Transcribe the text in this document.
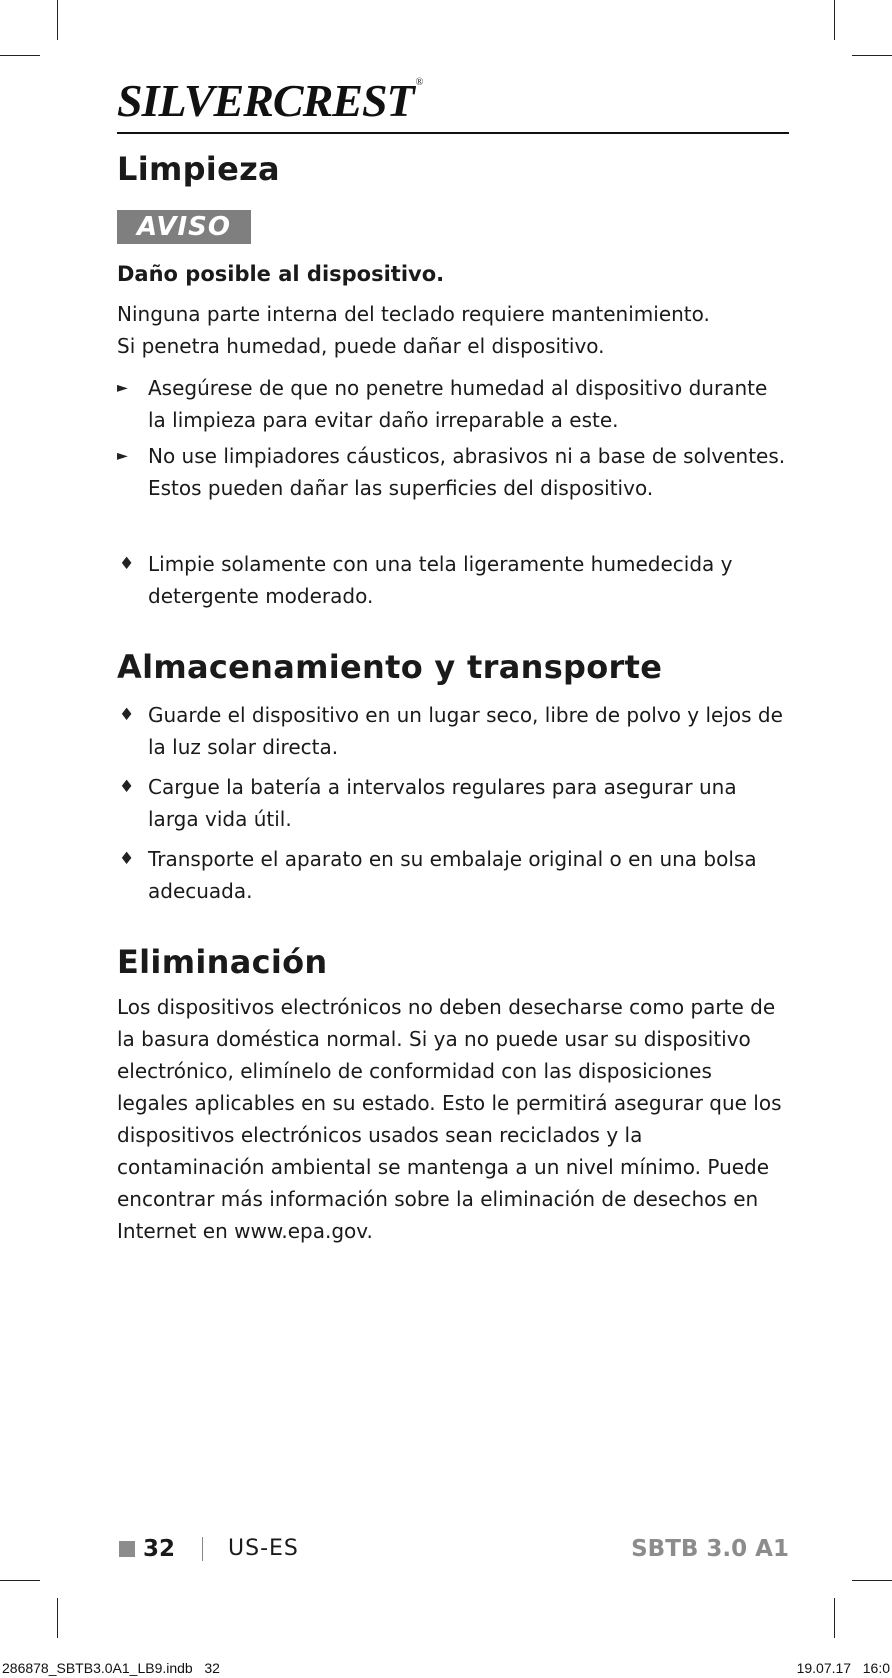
SILVERCREST ®
Limpieza
AVISO
Daño posible al dispositivo.

Ninguna parte interna del teclado requiere mantenimiento.

Si penetra humedad, puede dañar el dispositivo.

► Asegúrese de que no penetre humedad al dispositivo durante la limpieza para evitar daño irreparable a este.
► No use limpiadores cáusticos, abrasivos ni a base de solventes. Estos pueden dañar las superficies del dispositivo.
♦ Limpie solamente con una tela ligeramente humedecida y detergente moderado.
Almacenamiento y transporte
♦ Guarde el dispositivo en un lugar seco, libre de polvo y lejos de la luz solar directa.
♦ Cargue la batería a intervalos regulares para asegurar una larga vida útil.
♦ Transporte el aparato en su embalaje original o en una bolsa adecuada.
Eliminación

Los dispositivos electrónicos no deben desecharse como parte de la basura doméstica normal. Si ya no puede usar su dispositivo electrónico, elimínelo de conformidad con las disposiciones legales aplicables en su estado. Esto le permitirá asegurar que los dispositivos electrónicos usados sean reciclados y la contaminación ambiental se mantenga a un nivel mínimo. Puede encontrar más información sobre la eliminación de desechos en Internet en www.epa.gov.

32 US-ES	SBTB 3.0 A1
286878_SBTB3.0A1_LB9.indb   32	19.07.17   16:0
